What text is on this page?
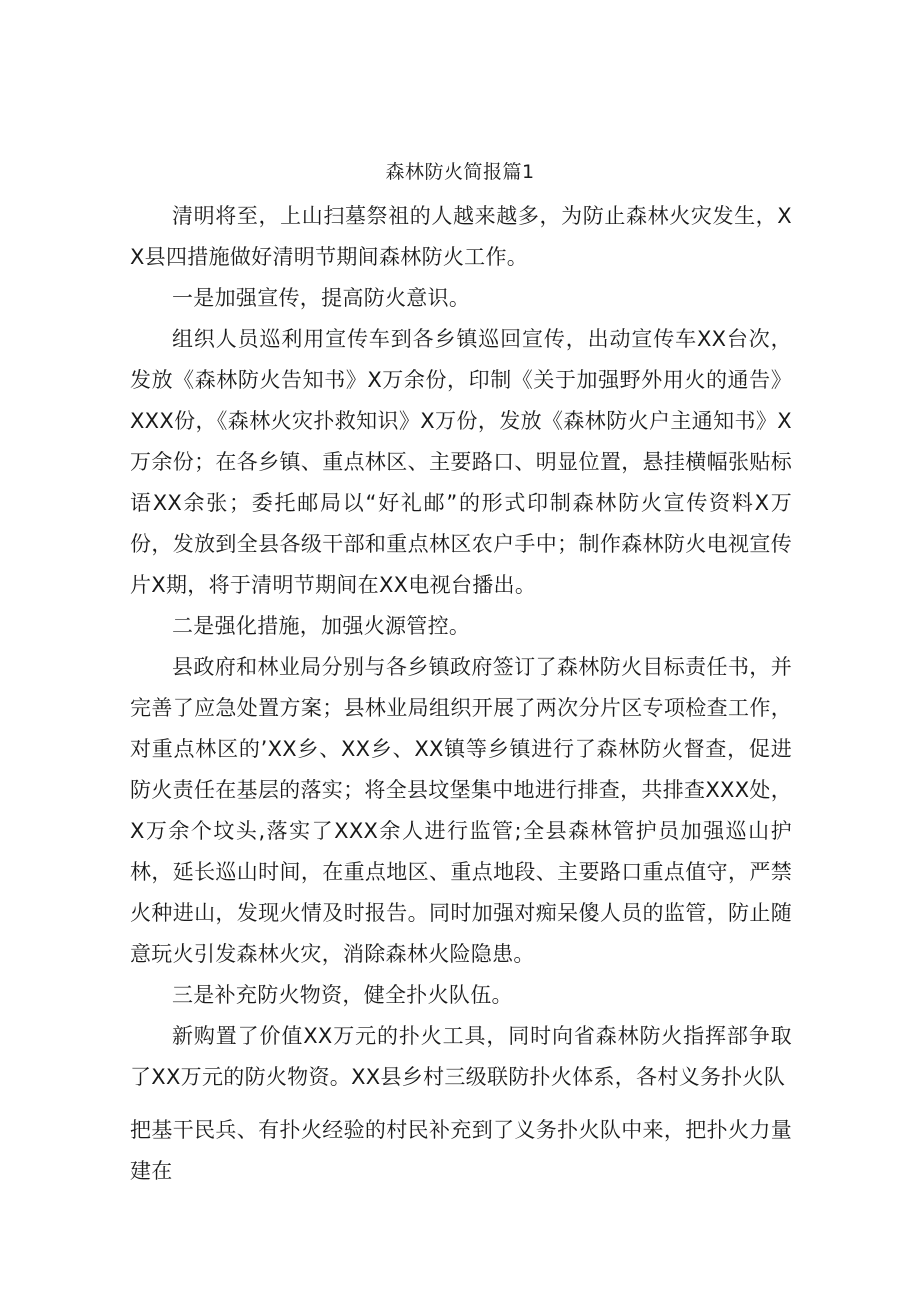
森林防火简报篇1

清明将至，上山扫墓祭祖的人越来越多，为防止森林火灾发生，XX县四措施做好清明节期间森林防火工作。

一是加强宣传，提高防火意识。

组织人员巡利用宣传车到各乡镇巡回宣传，出动宣传车XX台次，发放《森林防火告知书》X万余份，印制《关于加强野外用火的通告》XXX份，《森林火灾扑救知识》X万份，发放《森林防火户主通知书》X万余份；在各乡镇、重点林区、主要路口、明显位置，悬挂横幅张贴标语XX余张；委托邮局以“好礼邮”的形式印制森林防火宣传资料X万份，发放到全县各级干部和重点林区农户手中；制作森林防火电视宣传片X期，将于清明节期间在XX电视台播出。

二是强化措施，加强火源管控。

县政府和林业局分别与各乡镇政府签订了森林防火目标责任书，并完善了应急处置方案；县林业局组织开展了两次分片区专项检查工作，对重点林区的’XX乡、XX乡、XX镇等乡镇进行了森林防火督查，促进防火责任在基层的落实；将全县坟堡集中地进行排查，共排查XXX处，X万余个坟头,落实了XXX余人进行监管;全县森林管护员加强巡山护林，延长巡山时间，在重点地区、重点地段、主要路口重点值守，严禁火种进山，发现火情及时报告。同时加强对痴呆傻人员的监管，防止随意玩火引发森林火灾，消除森林火险隐患。

三是补充防火物资，健全扑火队伍。

新购置了价值XX万元的扑火工具，同时向省森林防火指挥部争取了XX万元的防火物资。XX县乡村三级联防扑火体系，各村义务扑火队

把基干民兵、有扑火经验的村民补充到了义务扑火队中来，把扑火力量建在
